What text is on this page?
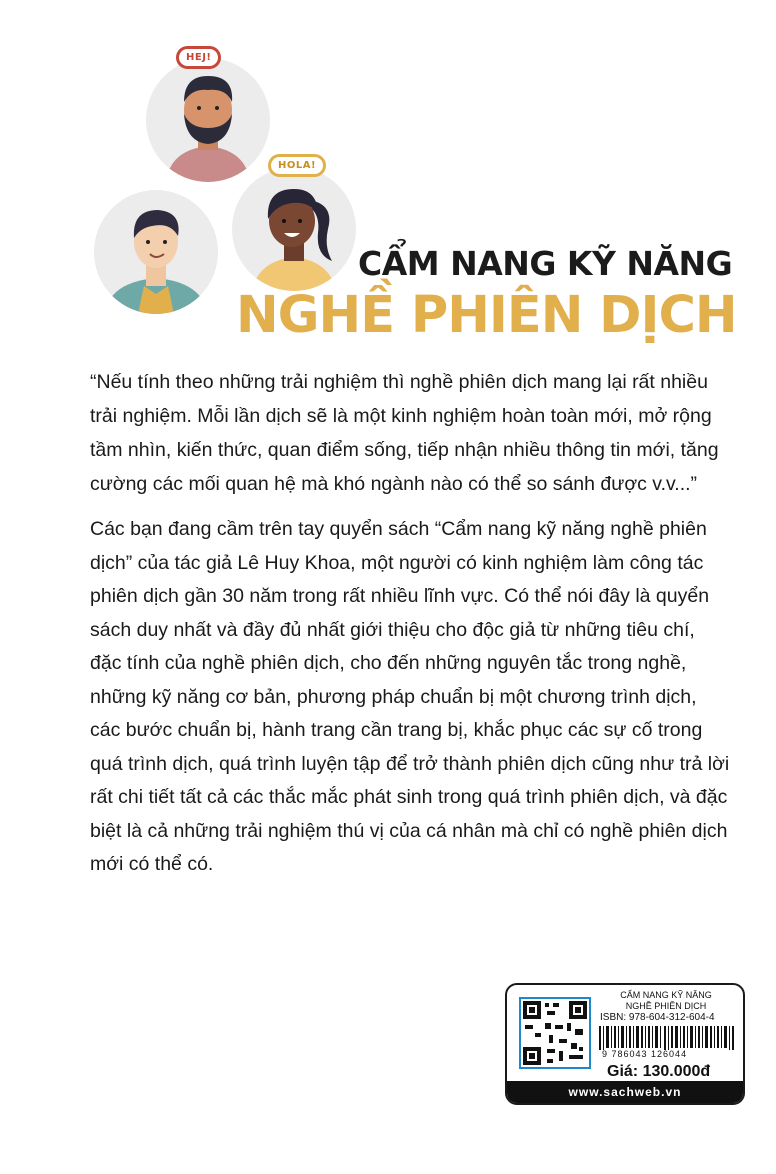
HEJ!
HOLA!
CẨM NANG KỸ NĂNG
NGHỀ PHIÊN DỊCH

“Nếu tính theo những trải nghiệm thì nghề phiên dịch mang lại rất nhiều trải nghiệm. Mỗi lần dịch sẽ là một kinh nghiệm hoàn toàn mới, mở rộng tầm nhìn, kiến thức, quan điểm sống, tiếp nhận nhiều thông tin mới, tăng cường các mối quan hệ mà khó ngành nào có thể so sánh được v.v...”

Các bạn đang cầm trên tay quyển sách “Cẩm nang kỹ năng nghề phiên dịch” của tác giả Lê Huy Khoa, một người có kinh nghiệm làm công tác phiên dịch gần 30 năm trong rất nhiều lĩnh vực. Có thể nói đây là quyển sách duy nhất và đầy đủ nhất giới thiệu cho độc giả từ những tiêu chí, đặc tính của nghề phiên dịch, cho đến những nguyên tắc trong nghề, những kỹ năng cơ bản, phương pháp chuẩn bị một chương trình dịch, các bước chuẩn bị, hành trang cần trang bị, khắc phục các sự cố trong quá trình dịch, quá trình luyện tập để trở thành phiên dịch cũng như trả lời rất chi tiết tất cả các thắc mắc phát sinh trong quá trình phiên dịch, và đặc biệt là cả những trải nghiệm thú vị của cá nhân mà chỉ có nghề phiên dịch mới có thể có.

CẨM NANG KỸ NĂNG
NGHỀ PHIÊN DỊCH
ISBN: 978-604-312-604-4
9 786043 126044
Giá: 130.000đ
www.sachweb.vn
